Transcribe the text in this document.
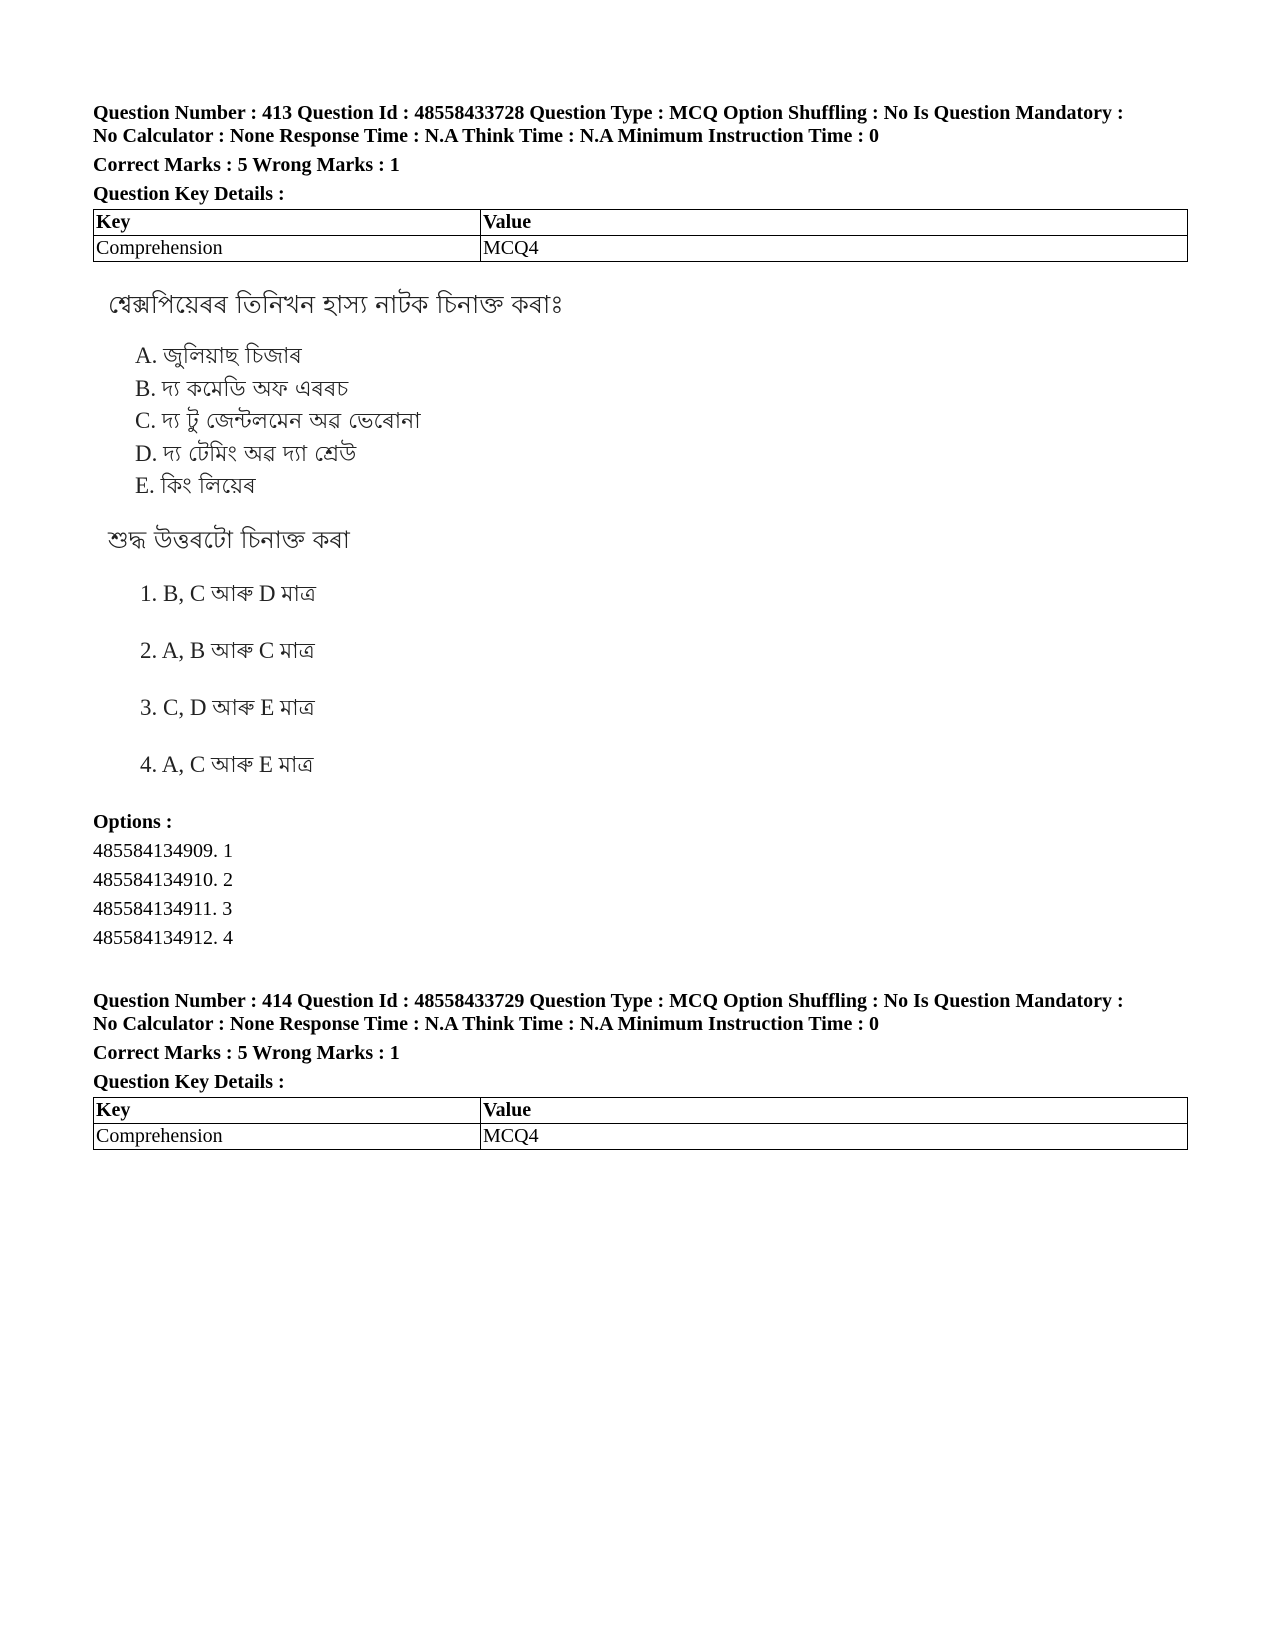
Question Number : 413 Question Id : 48558433728 Question Type : MCQ Option Shuffling : No Is Question Mandatory :
No Calculator : None Response Time : N.A Think Time : N.A Minimum Instruction Time : 0

Correct Marks : 5 Wrong Marks : 1

Question Key Details :

Key	Value
Comprehension	MCQ4

শ্বেক্সপিয়েৰৰ তিনিখন হাস্য নাটক চিনাক্ত কৰাঃ

A. জুলিয়াছ চিজাৰ

B. দ্য কমেডি অফ এৰৰচ

C. দ্য টু জেন্টলমেন অৱ ভেৰোনা

D. দ্য টেমিং অৱ দ্যা শ্ৰেউ

E. কিং লিয়েৰ

শুদ্ধ উত্তৰটো চিনাক্ত কৰা

1. B, C আৰু D মাত্ৰ
2. A, B আৰু C মাত্ৰ
3. C, D আৰু E মাত্ৰ
4. A, C আৰু E মাত্ৰ
Options :
485584134909. 1
485584134910. 2
485584134911. 3
485584134912. 4

Question Number : 414 Question Id : 48558433729 Question Type : MCQ Option Shuffling : No Is Question Mandatory :
No Calculator : None Response Time : N.A Think Time : N.A Minimum Instruction Time : 0

Correct Marks : 5 Wrong Marks : 1

Question Key Details :

Key	Value
Comprehension	MCQ4
